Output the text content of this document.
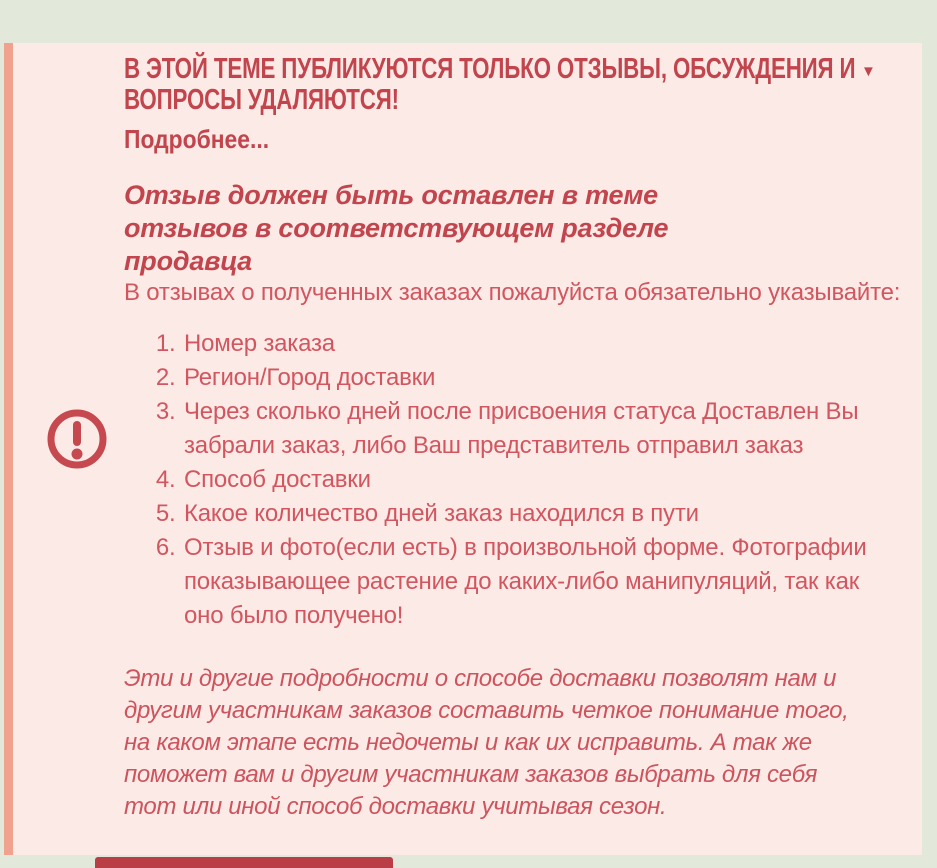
В ЭТОЙ ТЕМЕ ПУБЛИКУЮТСЯ ТОЛЬКО ОТЗЫВЫ, ОБСУЖДЕНИЯ И
ВОПРОСЫ УДАЛЯЮТСЯ!
▼
Подробнее...
Отзыв должен быть оставлен в теме отзывов в соответствующем разделе продавца
В отзывах о полученных заказах пожалуйста обязательно указывайте:
1. Номер заказа
2. Регион/Город доставки
3. Через сколько дней после присвоения статуса Доставлен Вы забрали заказ, либо Ваш представитель отправил заказ
4. Способ доставки
5. Какое количество дней заказ находился в пути
6. Отзыв и фото(если есть) в произвольной форме. Фотографии показывающее растение до каких-либо манипуляций, так как оно было получено!
Эти и другие подробности о способе доставки позволят нам и другим участникам заказов составить четкое понимание того, на каком этапе есть недочеты и как их исправить. А так же поможет вам и другим участникам заказов выбрать для себя тот или иной способ доставки учитывая сезон.
